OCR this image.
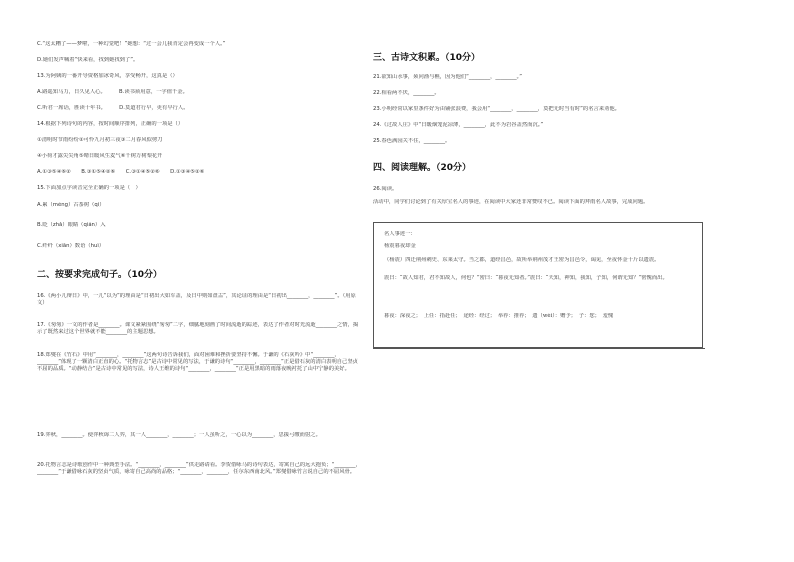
C.“这太糟了——梦啦，一种幻觉吧！”她想：“过一会儿我肯定会再变成一个人。”
D.她们发声喊着“快来看，找到她找到了”。
13.为阿姨的一番开导资格加冰奇风，享受畅开，这真是（）
A.路遥知马力，日久见人心。　　　B.读书须用意，一字值千金。
C.听君一席话，胜读十年书。　　　D.莫道君行早，更有早行人。
14.根据下列诗句的内容，按时间顺序排列，正确的一项是（）
①清明时节雨纷纷②可怜九月初三夜③二月春风似剪刀
④小荷才露尖尖角⑤晴日暖风生麦气⑥千树万树梨花开
A.①③⑤④⑥②　　B.③①⑤④②⑥　　C.③①④⑤②⑥　　D.①③④⑤②⑥
15.下面加点字读音完全正确的一项是（　）
A.累（méng）古茶树（qí）
B.眨（zhǎ）眼睛（qián）入
C.纤纤（xiān）数语（huì）
二、按要求完成句子。（10分）
16.《两小儿辩日》中，一儿“以为”的理由是“日初出大如车盖，及日中则如盘盂”，其论证的理由是“日初出________，________”。（用原文）
17.《匆匆》一文的作者是________。课文紧紧围绕“匆匆”二字，细腻地刻画了时间流逝的踪迹，表达了作者对时光流逝________之情，揭示了既然来过这个世界就不能________的主题思想。
18.郑燮在《竹石》中用“________，________”这两句诗告诉我们，面对困难和挫折要坚持不懈。于谦的《石灰吟》中“________，________”体现了一颗清白正直的心。“托物言志”是古诗中常见的写法，于谦的诗句“________，________”正是借石灰的清白表明自己坚贞不屈的品质。“动静结合”是古诗中常见的写法，诗人王维的诗句“________，________”正是用黑暗的雨落夜晚衬托了山中宁静的美好。
19.弈秋，________。使弈秋诲二人弈，其一人________，________；一人虽听之，一心以为________，思援弓缴而射之。
20.托物言志是诗歌创作中一种典型手法。“________，________”供走路请看。李贺借咏马的诗句表达，寄寓自己的远大抱负；“________，________”于谦借咏石灰的坚贞气质，咏寄自己高尚的品格；“________，________，任尔东西南北风。”郑燮借咏竹言说自己的不屈风骨。
三、古诗文积累。（10分）
21.欲知山水事，须问渔与樵，因为他们“________，________。”
22.相看两不厌，________。
23.小明经常以家里条件好为由铺张浪费，我会用“________，________，莫把无时当有时”的名言来劝他。
24.《过故人庄》中“日暖烟笼泥凉薄，________，此不为岩谷盖然而沉。”
25.春色满园关不住，________。
四、阅读理解。（20分）
26.阅读。
活动中，同学们讨论到了有关厚宝名人的事迹，在阅读中大家还非常赞叹不已。阅读下面的拜雨名人故事，完成问题。
名人事迹一：
杨震暮夜却金
（杨震）四迁荆州刺史、东莱太守。当之郡，道经昌邑，故所举荆州茂才王密为昌邑令，谒见，至夜怀金十斤以遗震。
震曰：“故人知君，君不知故人，何也？”密曰：“暮夜无知者。”震曰：“天知，神知，我知，子知，何谓无知？”密愧而出。
暮夜：深夜之；　上任：指赴任；　途经：经过；　举荐：推荐；　遗（wèi）：赠予；　子：您；　羞愧
